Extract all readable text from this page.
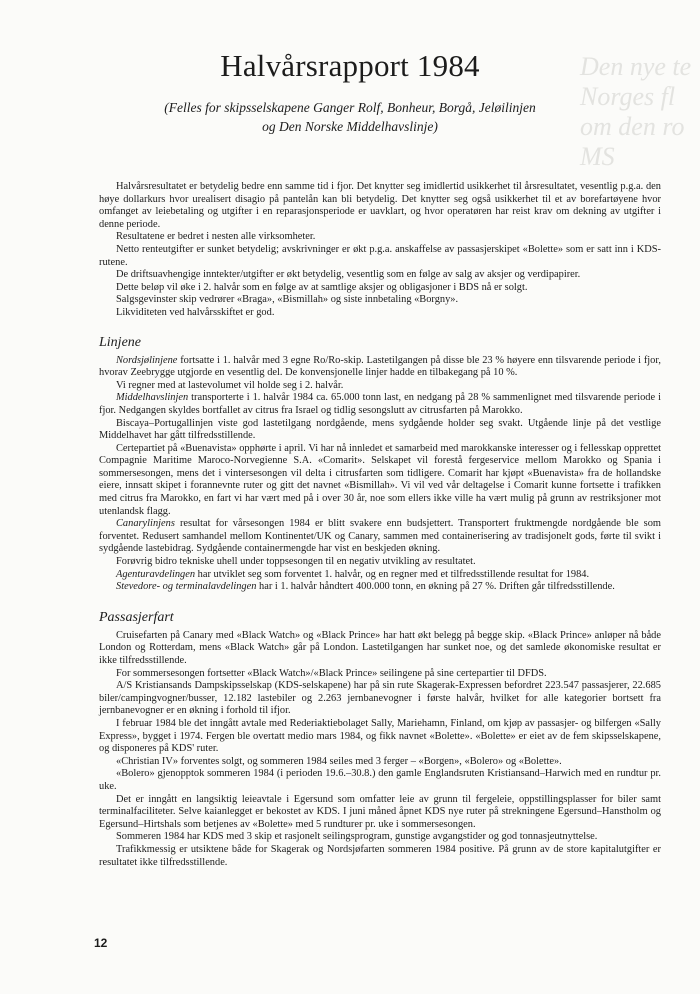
Den nye te
Norges fl
om den ro
MS
Halvårsrapport 1984
(Felles for skipsselskapene Ganger Rolf, Bonheur, Borgå, Jeløilinjen
og Den Norske Middelhavslinje)

Halvårsresultatet er betydelig bedre enn samme tid i fjor. Det knytter seg imidlertid usikkerhet til årsresultatet, vesentlig p.g.a. den høye dollarkurs hvor urealisert disagio på pantelån kan bli betydelig. Det knytter seg også usikkerhet til et av borefartøyene hvor omfanget av leiebetaling og utgifter i en reparasjonsperiode er uavklart, og hvor operatøren har reist krav om dekning av utgifter i denne periode.

Resultatene er bedret i nesten alle virksomheter.

Netto renteutgifter er sunket betydelig; avskrivninger er økt p.g.a. anskaffelse av passasjerskipet «Bolette» som er satt inn i KDS-rutene.

De driftsuavhengige inntekter/utgifter er økt betydelig, vesentlig som en følge av salg av aksjer og verdipapirer.

Dette beløp vil øke i 2. halvår som en følge av at samtlige aksjer og obligasjoner i BDS nå er solgt.

Salgsgevinster skip vedrører «Braga», «Bismillah» og siste innbetaling «Borgny».

Likviditeten ved halvårsskiftet er god.

Linjene

Nordsjølinjene fortsatte i 1. halvår med 3 egne Ro/Ro-skip. Lastetilgangen på disse ble 23 % høyere enn tilsvarende periode i fjor, hvorav Zeebrygge utgjorde en vesentlig del. De konvensjonelle linjer hadde en tilbakegang på 10 %.

Vi regner med at lastevolumet vil holde seg i 2. halvår.

Middelhavslinjen transporterte i 1. halvår 1984 ca. 65.000 tonn last, en nedgang på 28 % sammenlignet med tilsvarende periode i fjor. Nedgangen skyldes bortfallet av citrus fra Israel og tidlig sesongslutt av citrusfarten på Marokko.

Biscaya–Portugallinjen viste god lastetilgang nordgående, mens sydgående holder seg svakt. Utgående linje på det vestlige Middelhavet har gått tilfredsstillende.

Certepartiet på «Buenavista» opphørte i april. Vi har nå innledet et samarbeid med marokkanske interesser og i fellesskap opprettet Compagnie Maritime Maroco-Norvegienne S.A. «Comarit». Selskapet vil forestå fergeservice mellom Marokko og Spania i sommersesongen, mens det i vintersesongen vil delta i citrusfarten som tidligere. Comarit har kjøpt «Buenavista» fra de hollandske eiere, innsatt skipet i forannevnte ruter og gitt det navnet «Bismillah». Vi vil ved vår deltagelse i Comarit kunne fortsette i trafikken med citrus fra Marokko, en fart vi har vært med på i over 30 år, noe som ellers ikke ville ha vært mulig på grunn av restriksjoner mot utenlandsk flagg.

Canarylinjens resultat for vårsesongen 1984 er blitt svakere enn budsjettert. Transportert fruktmengde nordgående ble som forventet. Redusert samhandel mellom Kontinentet/UK og Canary, sammen med containerisering av tradisjonelt gods, førte til svikt i sydgående lastebidrag. Sydgående containermengde har vist en beskjeden økning.

Forøvrig bidro tekniske uhell under toppsesongen til en negativ utvikling av resultatet.

Agenturavdelingen har utviklet seg som forventet 1. halvår, og en regner med et tilfredsstillende resultat for 1984.

Stevedore- og terminalavdelingen har i 1. halvår håndtert 400.000 tonn, en økning på 27 %. Driften går tilfredsstillende.

Passasjerfart

Cruisefarten på Canary med «Black Watch» og «Black Prince» har hatt økt belegg på begge skip. «Black Prince» anløper nå både London og Rotterdam, mens «Black Watch» går på London. Lastetilgangen har sunket noe, og det samlede økonomiske resultat er ikke tilfredsstillende.

For sommersesongen fortsetter «Black Watch»/«Black Prince» seilingene på sine certepartier til DFDS.

A/S Kristiansands Dampskipsselskap (KDS-selskapene) har på sin rute Skagerak-Expressen befordret 223.547 passasjerer, 22.685 biler/campingvogner/busser, 12.182 lastebiler og 2.263 jernbanevogner i første halvår, hvilket for alle kategorier bortsett fra jernbanevogner er en økning i forhold til ifjor.

I februar 1984 ble det inngått avtale med Rederiaktiebolaget Sally, Mariehamn, Finland, om kjøp av passasjer- og bilfergen «Sally Express», bygget i 1974. Fergen ble overtatt medio mars 1984, og fikk navnet «Bolette». «Bolette» er eiet av de fem skipsselskapene, og disponeres på KDS' ruter.

«Christian IV» forventes solgt, og sommeren 1984 seiles med 3 ferger – «Borgen», «Bolero» og «Bolette».

«Bolero» gjenopptok sommeren 1984 (i perioden 19.6.–30.8.) den gamle Englandsruten Kristiansand–Harwich med en rundtur pr. uke.

Det er inngått en langsiktig leieavtale i Egersund som omfatter leie av grunn til fergeleie, oppstillingsplasser for biler samt terminalfaciliteter. Selve kaianlegget er bekostet av KDS. I juni måned åpnet KDS nye ruter på strekningene Egersund–Hanstholm og Egersund–Hirtshals som betjenes av «Bolette» med 5 rundturer pr. uke i sommersesongen.

Sommeren 1984 har KDS med 3 skip et rasjonelt seilingsprogram, gunstige avgangstider og god tonnasjeutnyttelse.

Trafikkmessig er utsiktene både for Skagerak og Nordsjøfarten sommeren 1984 positive. På grunn av de store kapitalutgifter er resultatet ikke tilfredsstillende.

12
